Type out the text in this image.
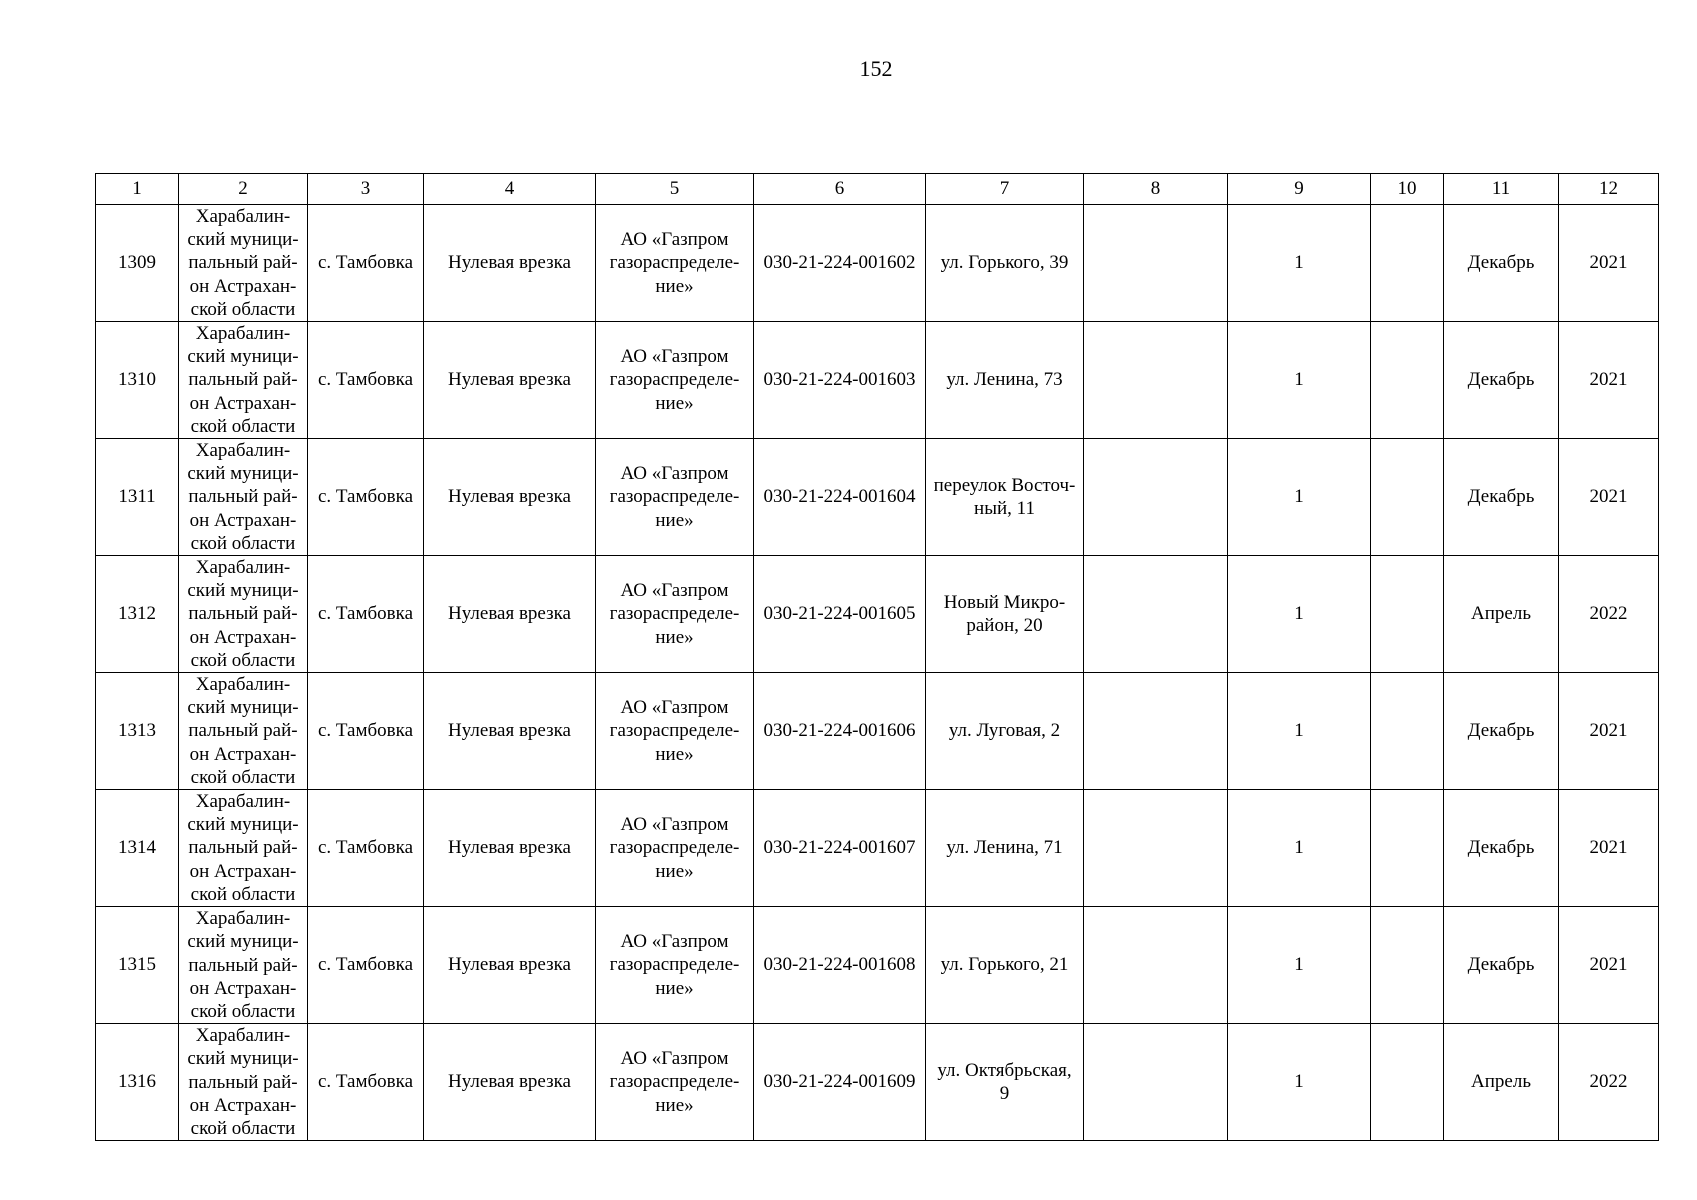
152
1	2	3	4	5	6	7	8	9	10	11	12
1309	Харабалин-
ский муници-
пальный рай-
он Астрахан-
ской области	с. Тамбовка	Нулевая врезка	АО «Газпром
газораспределе-
ние»	030-21-224-001602	ул. Горького, 39		1		Декабрь	2021
1310	Харабалин-
ский муници-
пальный рай-
он Астрахан-
ской области	с. Тамбовка	Нулевая врезка	АО «Газпром
газораспределе-
ние»	030-21-224-001603	ул. Ленина, 73		1		Декабрь	2021
1311	Харабалин-
ский муници-
пальный рай-
он Астрахан-
ской области	с. Тамбовка	Нулевая врезка	АО «Газпром
газораспределе-
ние»	030-21-224-001604	переулок Восточ-
ный, 11		1		Декабрь	2021
1312	Харабалин-
ский муници-
пальный рай-
он Астрахан-
ской области	с. Тамбовка	Нулевая врезка	АО «Газпром
газораспределе-
ние»	030-21-224-001605	Новый Микро-
район, 20		1		Апрель	2022
1313	Харабалин-
ский муници-
пальный рай-
он Астрахан-
ской области	с. Тамбовка	Нулевая врезка	АО «Газпром
газораспределе-
ние»	030-21-224-001606	ул. Луговая, 2		1		Декабрь	2021
1314	Харабалин-
ский муници-
пальный рай-
он Астрахан-
ской области	с. Тамбовка	Нулевая врезка	АО «Газпром
газораспределе-
ние»	030-21-224-001607	ул. Ленина, 71		1		Декабрь	2021
1315	Харабалин-
ский муници-
пальный рай-
он Астрахан-
ской области	с. Тамбовка	Нулевая врезка	АО «Газпром
газораспределе-
ние»	030-21-224-001608	ул. Горького, 21		1		Декабрь	2021
1316	Харабалин-
ский муници-
пальный рай-
он Астрахан-
ской области	с. Тамбовка	Нулевая врезка	АО «Газпром
газораспределе-
ние»	030-21-224-001609	ул. Октябрьская,
9		1		Апрель	2022
